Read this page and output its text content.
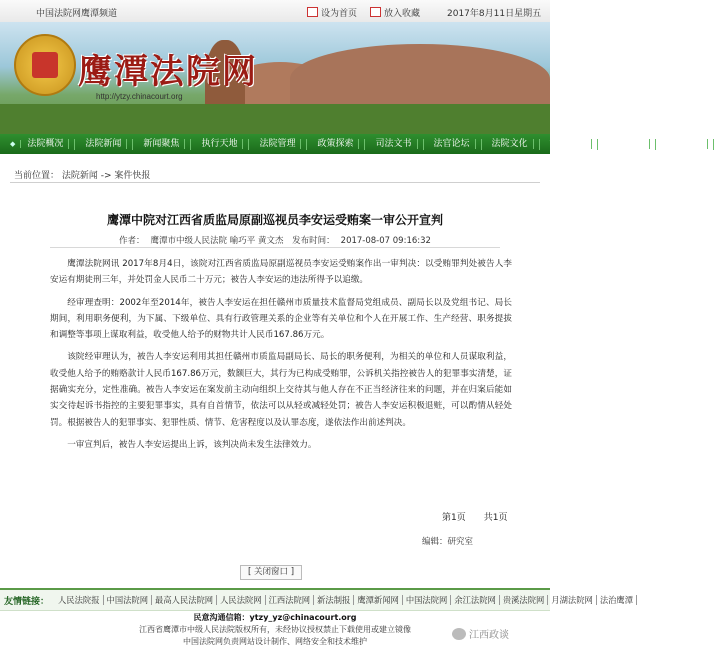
中国法院网鹰潭频道	设为首页	放入收藏	2017年8月11日星期五
鹰潭法院网
http://ytzy.chinacourt.org
◆ 法院概况	法院新闻	新闻聚焦	执行天地	法院管理	政策探索	司法文书	法官论坛	法院文化	审务公开	山水鹰潭	法律法规
当前位置： 法院新闻 -> 案件快报
鹰潭中院对江西省质监局原副巡视员李安运受贿案一审公开宣判
作者： 鹰潭市中级人民法院 喻巧平 黄文杰 发布时间： 2017-08-07 09:16:32

鹰潭法院网讯 2017年8月4日，该院对江西省质监局原副巡视员李安运受贿案作出一审判决：以受贿罪判处被告人李安运有期徒刑三年，并处罚金人民币二十万元；被告人李安运的违法所得予以追缴。

经审理查明：2002年至2014年，被告人李安运在担任赣州市质量技术监督局党组成员、副局长以及党组书记、局长期间，利用职务便利，为下属、下级单位、具有行政管理关系的企业等有关单位和个人在开展工作、生产经营、职务提拔和调整等事项上谋取利益，收受他人给予的财物共计人民币167.86万元。

该院经审理认为，被告人李安运利用其担任赣州市质监局副局长、局长的职务便利，为相关的单位和人员谋取利益，收受他人给予的贿赂款计人民币167.86万元，数额巨大，其行为已构成受贿罪，公诉机关指控被告人的犯罪事实清楚，证据确实充分，定性准确。被告人李安运在案发前主动向组织上交待其与他人存在不正当经济往来的问题，并在归案后能如实交待起诉书指控的主要犯罪事实，具有自首情节，依法可以从轻或减轻处罚；被告人李安运积极退赃，可以酌情从轻处罚。根据被告人的犯罪事实、犯罪性质、情节、危害程度以及认罪态度，遂依法作出前述判决。

一审宣判后，被告人李安运提出上诉，该判决尚未发生法律效力。

第1页 共1页
编辑：研究室
[ 关闭窗口 ]
友情链接：	人民法院报 中国法院网 最高人民法院网 人民法院网 江西法院网 新法制报 鹰潭新闻网 中国法院网 余江法院网 贵溪法院网 月湖法院网 法治鹰潭
民意沟通信箱：ytzy_yz@chinacourt.org
江西省鹰潭市中级人民法院版权所有，未经协议授权禁止下载使用或建立镜像
中国法院网负责网站设计制作、网络安全和技术维护
江西政谈
